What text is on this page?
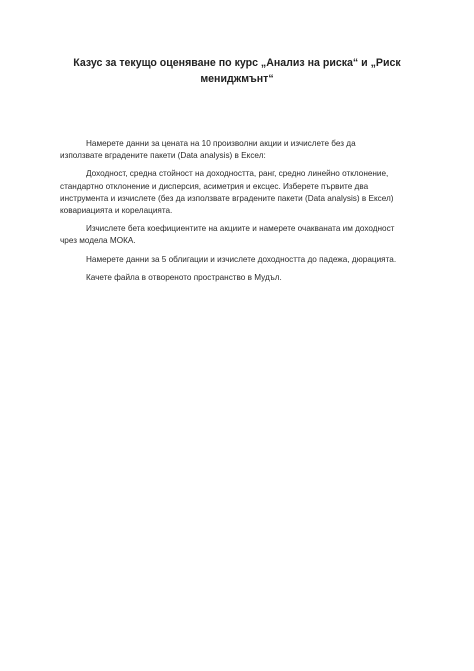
Казус за текущо оценяване по курс „Анализ на риска“ и „Риск
мениджмънт“

Намерете данни за цената на 10 произволни акции и изчислете без да използвате вградените пакети (Data analysis) в Ексел:

Доходност, средна стойност на доходността, ранг, средно линейно отклонение, стандартно отклонение и дисперсия, асиметрия и ексцес. Изберете първите два инструмента и изчислете (без да използвате вградените пакети (Data analysis) в Ексел) ковариацията и корелацията.

Изчислете бета коефициентите на акциите и намерете очакваната им доходност чрез модела МОКА.

Намерете данни за 5 облигации и изчислете доходността до падежа, дюрацията.

Качете файла в отвореното пространство в Мудъл.
